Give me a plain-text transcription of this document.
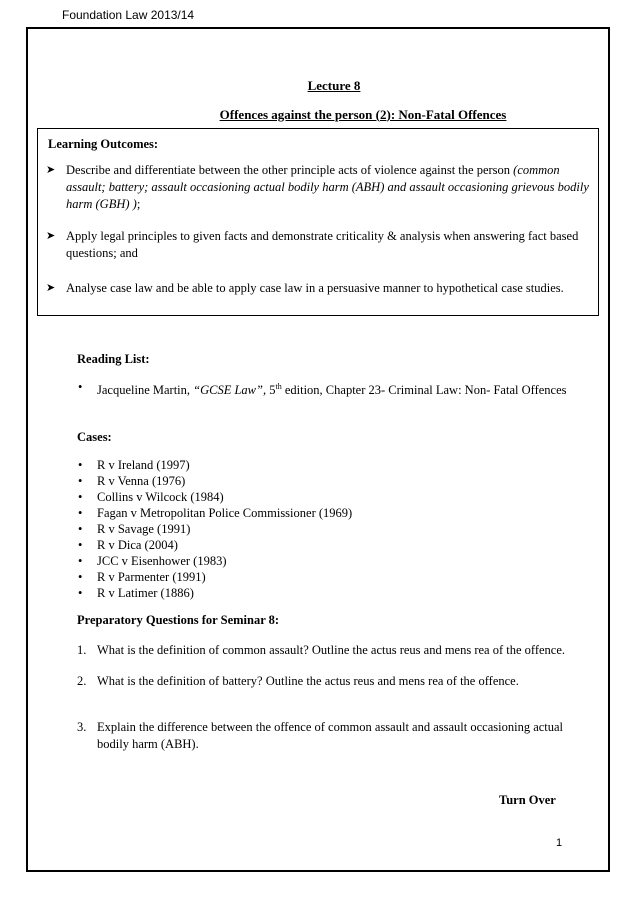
Foundation Law 2013/14
Lecture 8
Offences against the person (2): Non-Fatal Offences
Learning Outcomes:
➤ Describe and differentiate between the other principle acts of violence against the person (common assault; battery; assault occasioning actual bodily harm (ABH) and assault occasioning grievous bodily harm (GBH) );
➤ Apply legal principles to given facts and demonstrate criticality & analysis when answering fact based questions; and
➤ Analyse case law and be able to apply case law in a persuasive manner to hypothetical case studies.
Reading List:
• Jacqueline Martin, “GCSE Law”, 5th edition, Chapter 23- Criminal Law: Non- Fatal Offences
Cases:
• R v Ireland (1997)
• R v Venna (1976)
• Collins v Wilcock (1984)
• Fagan v Metropolitan Police Commissioner (1969)
• R v Savage (1991)
• R v Dica (2004)
• JCC v Eisenhower (1983)
• R v Parmenter (1991)
• R v Latimer (1886)
Preparatory Questions for Seminar 8:
1. What is the definition of common assault? Outline the actus reus and mens rea of the offence.
2. What is the definition of battery? Outline the actus reus and mens rea of the offence.
3. Explain the difference between the offence of common assault and assault occasioning actual bodily harm (ABH).
Turn Over
1
